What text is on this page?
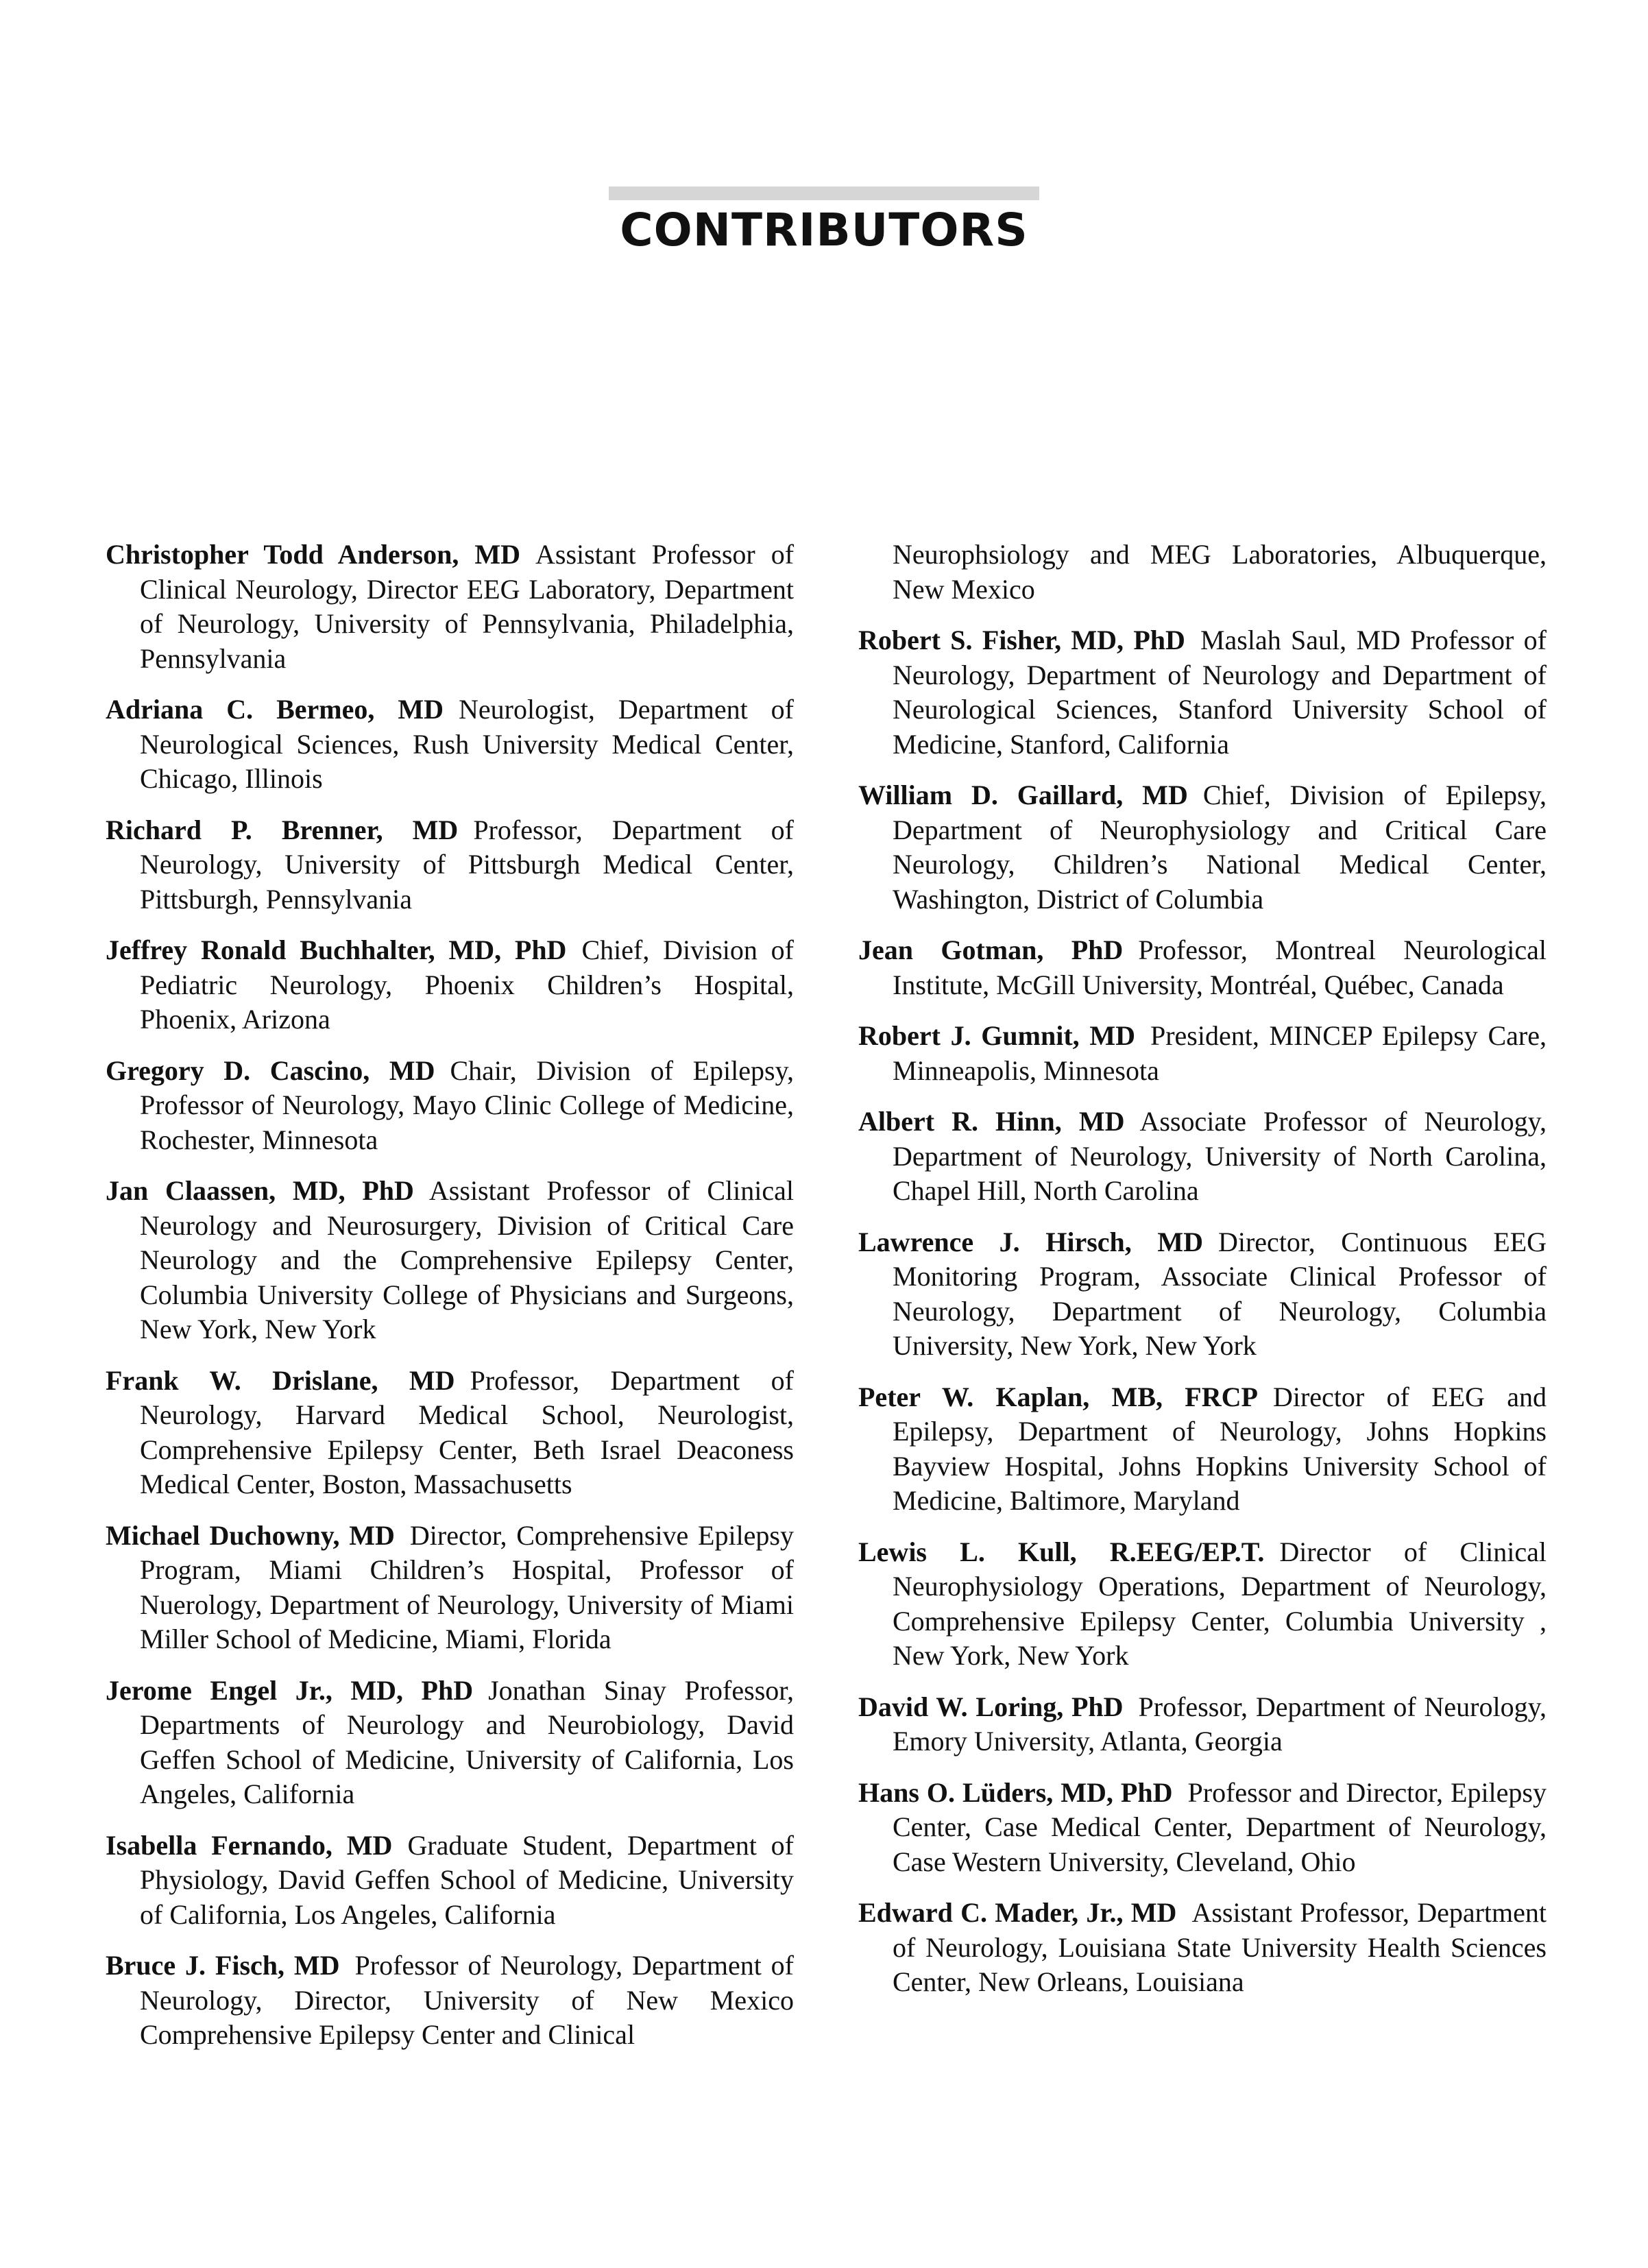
CONTRIBUTORS

Christopher Todd Anderson, MD Assistant Professor of Clinical Neurology, Director EEG Laboratory, Department of Neurology, University of Pennsylvania, Philadelphia, Pennsylvania

Adriana C. Bermeo, MD Neurologist, Department of Neurological Sciences, Rush University Medical Center, Chicago, Illinois

Richard P. Brenner, MD Professor, Department of Neurology, University of Pittsburgh Medical Center, Pittsburgh, Pennsylvania

Jeffrey Ronald Buchhalter, MD, PhD Chief, Division of Pediatric Neurology, Phoenix Children’s Hospital, Phoenix, Arizona

Gregory D. Cascino, MD Chair, Division of Epilepsy, Professor of Neurology, Mayo Clinic College of Medicine, Rochester, Minnesota

Jan Claassen, MD, PhD Assistant Professor of Clinical Neurology and Neurosurgery, Division of Critical Care Neurology and the Comprehensive Epilepsy Center, Columbia University College of Physicians and Surgeons, New York, New York

Frank W. Drislane, MD Professor, Department of Neurology, Harvard Medical School, Neurologist, Comprehensive Epilepsy Center, Beth Israel Deaconess Medical Center, Boston, Massachusetts

Michael Duchowny, MD Director, Comprehensive Epilepsy Program, Miami Children’s Hospital, Professor of Nuerology, Department of Neurology, University of Miami Miller School of Medicine, Miami, Florida

Jerome Engel Jr., MD, PhD Jonathan Sinay Professor, Departments of Neurology and Neurobiology, David Geffen School of Medicine, University of California, Los Angeles, California

Isabella Fernando, MD Graduate Student, Department of Physiology, David Geffen School of Medicine, University of California, Los Angeles, California

Bruce J. Fisch, MD Professor of Neurology, Department of Neurology, Director, University of New Mexico Comprehensive Epilepsy Center and Clinical

Neurophsiology and MEG Laboratories, Albuquerque, New Mexico

Robert S. Fisher, MD, PhD Maslah Saul, MD Professor of Neurology, Department of Neurology and Department of Neurological Sciences, Stanford University School of Medicine, Stanford, California

William D. Gaillard, MD Chief, Division of Epilepsy, Department of Neurophysiology and Critical Care Neurology, Children’s National Medical Center, Washington, District of Columbia

Jean Gotman, PhD Professor, Montreal Neurological Institute, McGill University, Montréal, Québec, Canada

Robert J. Gumnit, MD President, MINCEP Epilepsy Care, Minneapolis, Minnesota

Albert R. Hinn, MD Associate Professor of Neurology, Department of Neurology, University of North Carolina, Chapel Hill, North Carolina

Lawrence J. Hirsch, MD Director, Continuous EEG Monitoring Program, Associate Clinical Professor of Neurology, Department of Neurology, Columbia University, New York, New York

Peter W. Kaplan, MB, FRCP Director of EEG and Epilepsy, Department of Neurology, Johns Hopkins Bayview Hospital, Johns Hopkins University School of Medicine, Baltimore, Maryland

Lewis L. Kull, R.EEG/EP.T. Director of Clinical Neurophysiology Operations, Department of Neurology, Comprehensive Epilepsy Center, Columbia University , New York, New York

David W. Loring, PhD Professor, Department of Neurology, Emory University, Atlanta, Georgia

Hans O. Lüders, MD, PhD Professor and Director, Epilepsy Center, Case Medical Center, Department of Neurology, Case Western University, Cleveland, Ohio

Edward C. Mader, Jr., MD Assistant Professor, Department of Neurology, Louisiana State University Health Sciences Center, New Orleans, Louisiana
